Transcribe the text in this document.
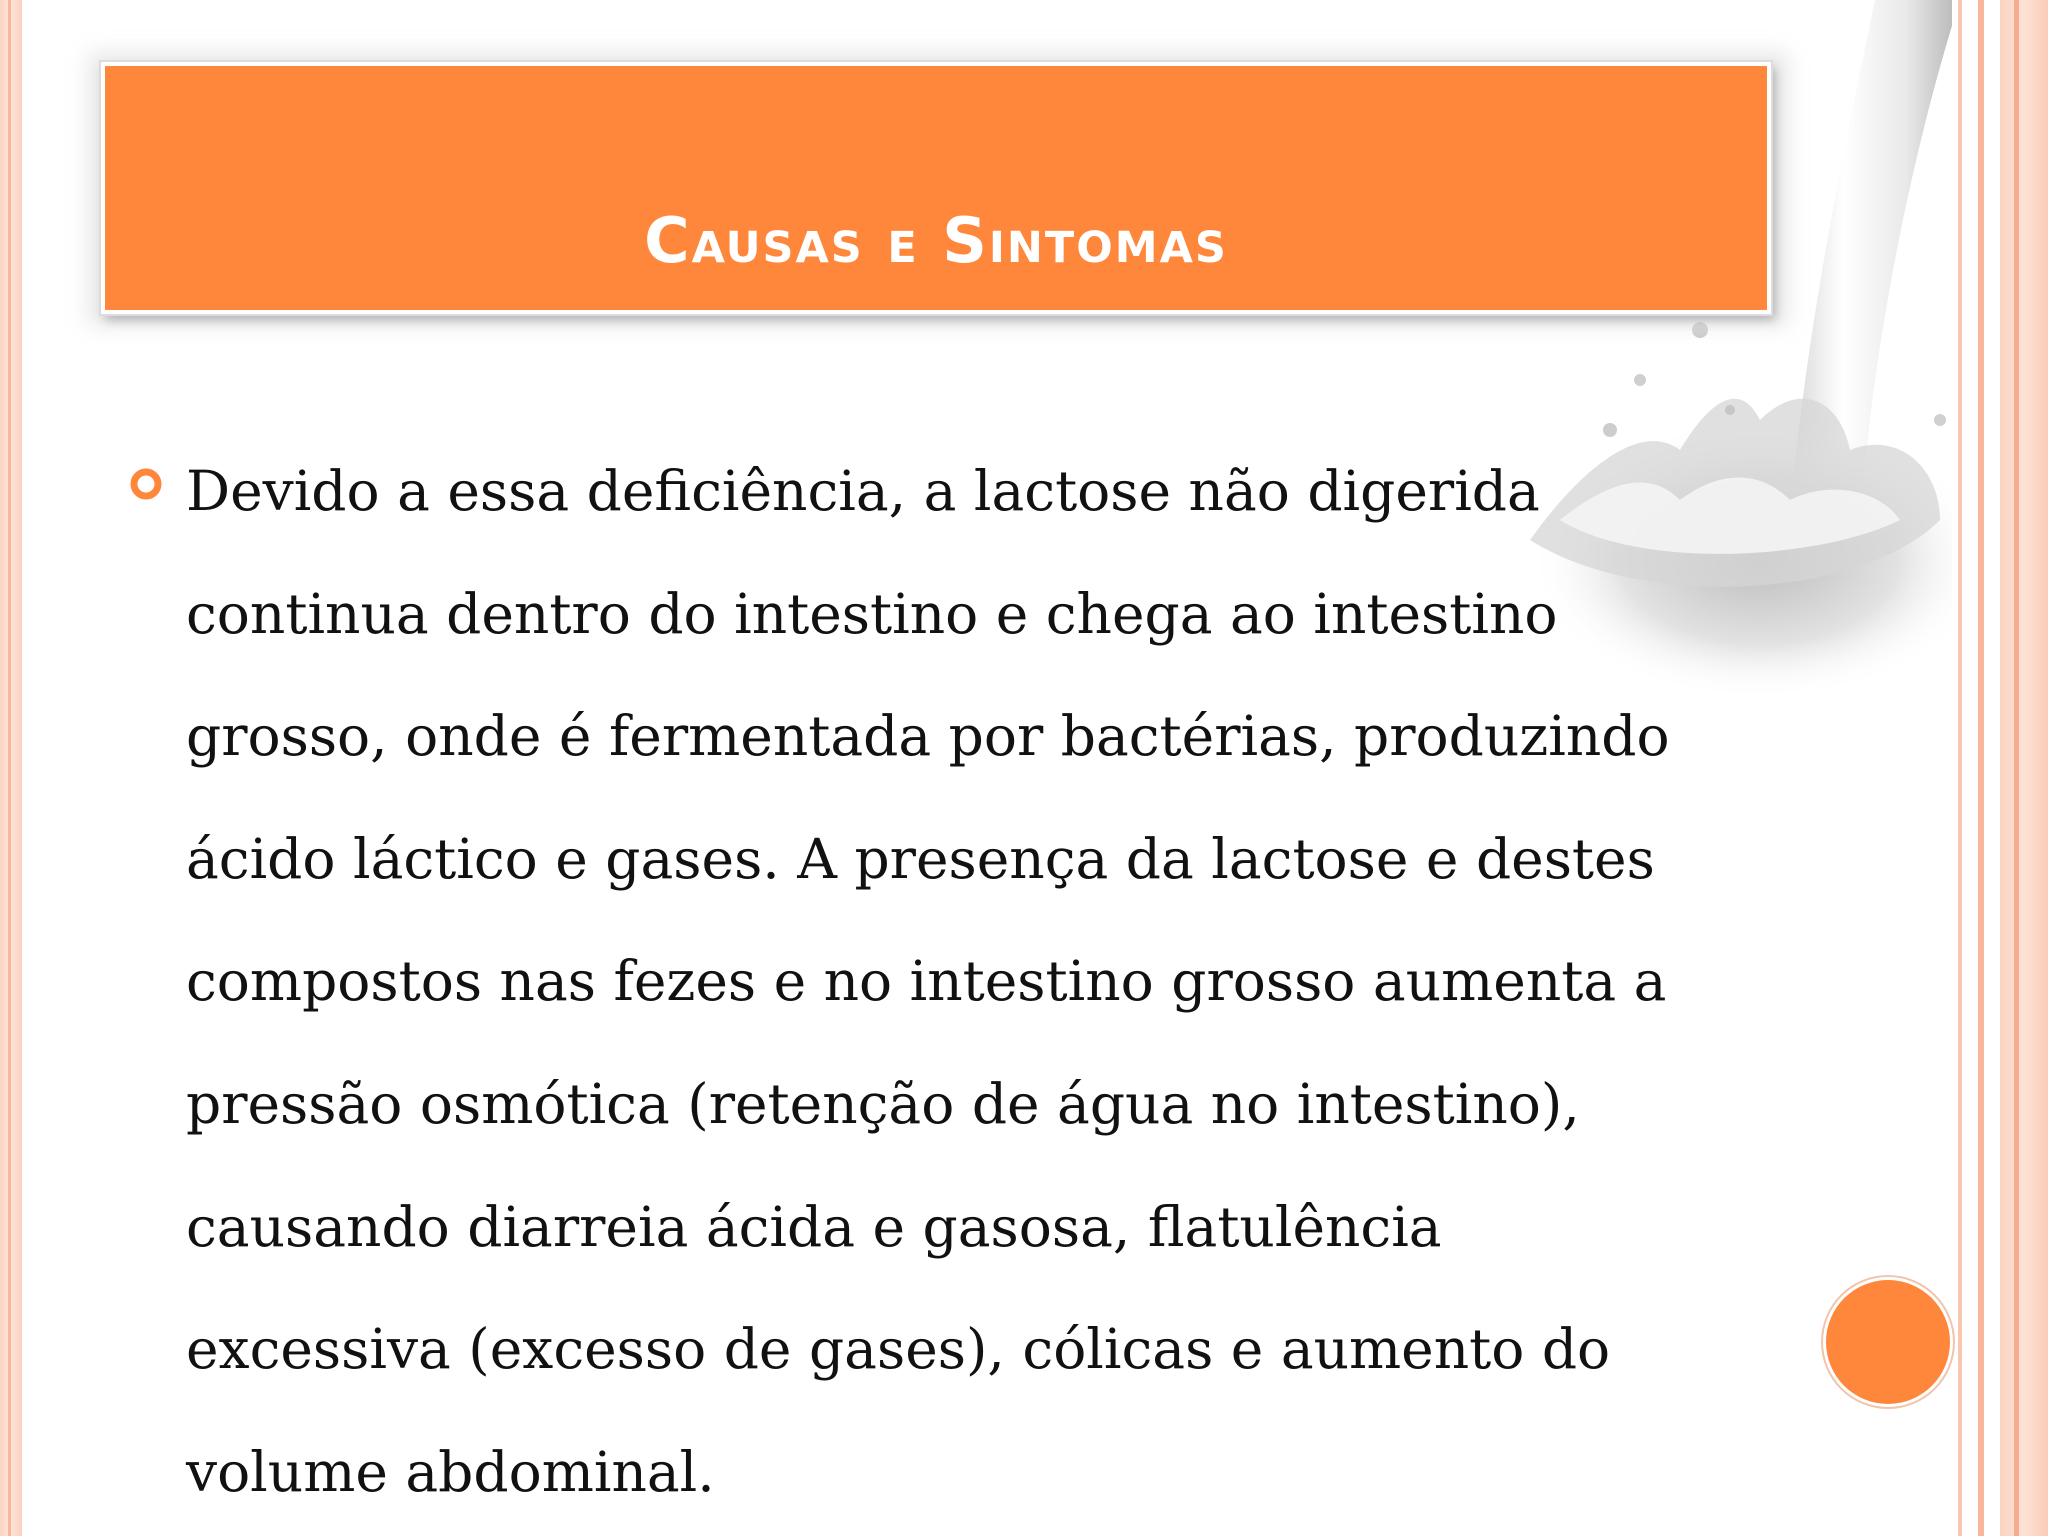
Causas e Sintomas
Devido a essa deficiência, a lactose não digerida
continua dentro do intestino e chega ao intestino
grosso, onde é fermentada por bactérias, produzindo
ácido láctico e gases. A presença da lactose e destes
compostos nas fezes e no intestino grosso aumenta a
pressão osmótica (retenção de água no intestino),
causando diarreia ácida e gasosa, flatulência
excessiva (excesso de gases), cólicas e aumento do
volume abdominal.
